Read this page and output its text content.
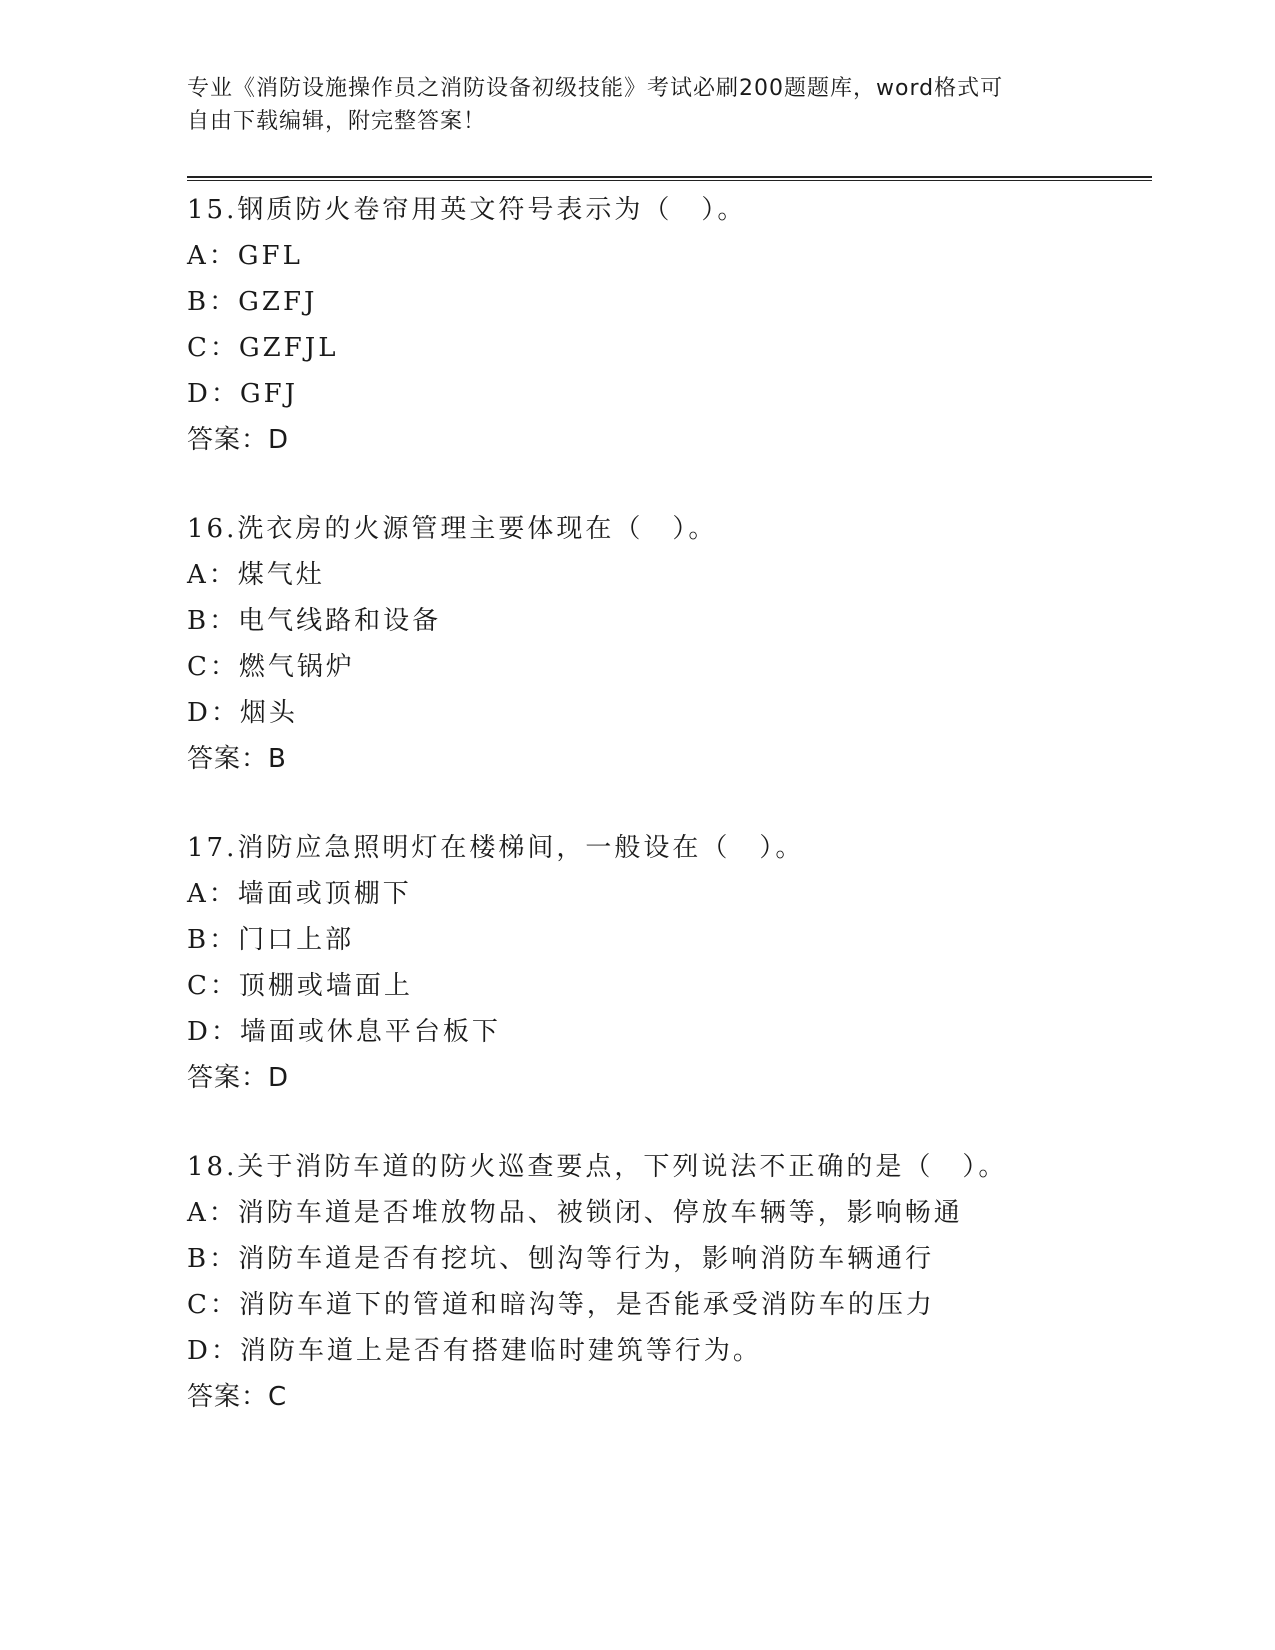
专业《消防设施操作员之消防设备初级技能》考试必刷200题题库，word格式可
自由下载编辑，附完整答案！
15.钢质防火卷帘用英文符号表示为（　）。
A：GFL
B：GZFJ
C：GZFJL
D：GFJ
答案：D
16.洗衣房的火源管理主要体现在（　）。
A：煤气灶
B：电气线路和设备
C：燃气锅炉
D：烟头
答案：B
17.消防应急照明灯在楼梯间，一般设在（　）。
A：墙面或顶棚下
B：门口上部
C：顶棚或墙面上
D：墙面或休息平台板下
答案：D
18.关于消防车道的防火巡查要点，下列说法不正确的是（　）。
A：消防车道是否堆放物品、被锁闭、停放车辆等，影响畅通
B：消防车道是否有挖坑、刨沟等行为，影响消防车辆通行
C：消防车道下的管道和暗沟等，是否能承受消防车的压力
D：消防车道上是否有搭建临时建筑等行为。
答案：C
